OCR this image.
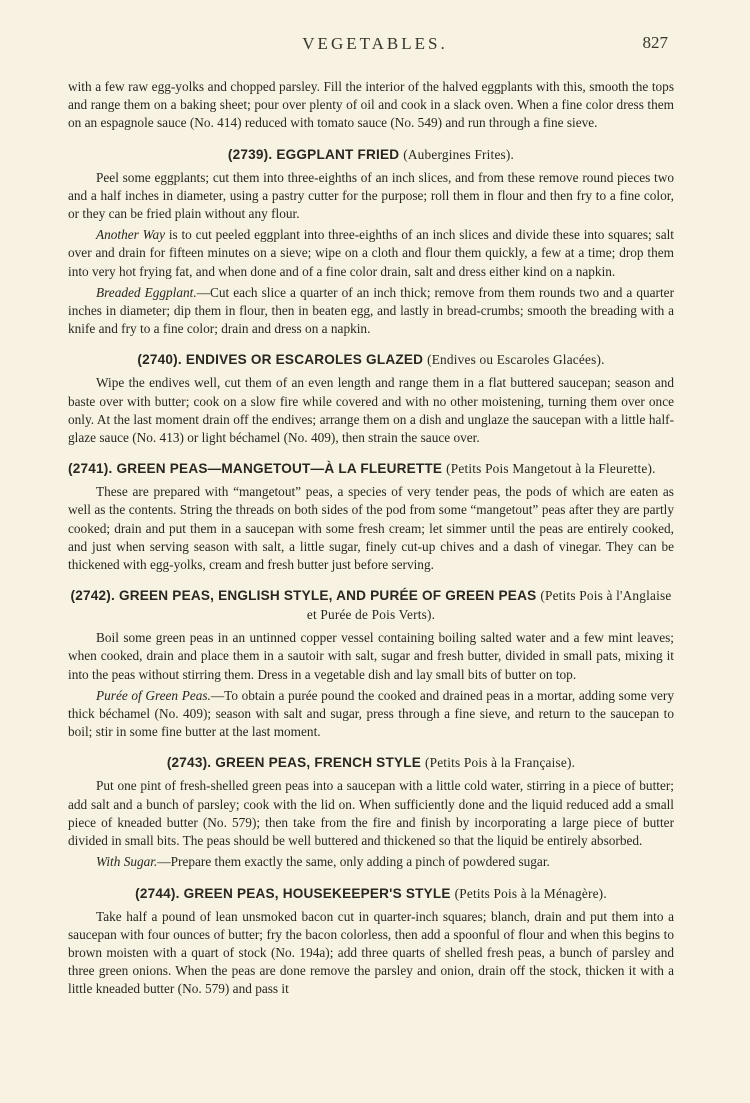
VEGETABLES.	827

with a few raw egg-yolks and chopped parsley. Fill the interior of the halved eggplants with this, smooth the tops and range them on a baking sheet; pour over plenty of oil and cook in a slack oven. When a fine color dress them on an espagnole sauce (No. 414) reduced with tomato sauce (No. 549) and run through a fine sieve.

(2739). EGGPLANT FRIED (Aubergines Frites).

Peel some eggplants; cut them into three-eighths of an inch slices, and from these remove round pieces two and a half inches in diameter, using a pastry cutter for the purpose; roll them in flour and then fry to a fine color, or they can be fried plain without any flour.

Another Way is to cut peeled eggplant into three-eighths of an inch slices and divide these into squares; salt over and drain for fifteen minutes on a sieve; wipe on a cloth and flour them quickly, a few at a time; drop them into very hot frying fat, and when done and of a fine color drain, salt and dress either kind on a napkin.

Breaded Eggplant.—Cut each slice a quarter of an inch thick; remove from them rounds two and a quarter inches in diameter; dip them in flour, then in beaten egg, and lastly in bread-crumbs; smooth the breading with a knife and fry to a fine color; drain and dress on a napkin.

(2740). ENDIVES OR ESCAROLES GLAZED (Endives ou Escaroles Glacées).

Wipe the endives well, cut them of an even length and range them in a flat buttered saucepan; season and baste over with butter; cook on a slow fire while covered and with no other moistening, turning them over once only. At the last moment drain off the endives; arrange them on a dish and unglaze the saucepan with a little half-glaze sauce (No. 413) or light béchamel (No. 409), then strain the sauce over.

(2741). GREEN PEAS—MANGETOUT—À LA FLEURETTE (Petits Pois Mangetout à la Fleurette).

These are prepared with “mangetout” peas, a species of very tender peas, the pods of which are eaten as well as the contents. String the threads on both sides of the pod from some “mangetout” peas after they are partly cooked; drain and put them in a saucepan with some fresh cream; let simmer until the peas are entirely cooked, and just when serving season with salt, a little sugar, finely cut-up chives and a dash of vinegar. They can be thickened with egg-yolks, cream and fresh butter just before serving.

(2742). GREEN PEAS, ENGLISH STYLE, AND PURÉE OF GREEN PEAS (Petits Pois à l'Anglaise
et Purée de Pois Verts).

Boil some green peas in an untinned copper vessel containing boiling salted water and a few mint leaves; when cooked, drain and place them in a sautoir with salt, sugar and fresh butter, divided in small pats, mixing it into the peas without stirring them. Dress in a vegetable dish and lay small bits of butter on top.

Purée of Green Peas.—To obtain a purée pound the cooked and drained peas in a mortar, adding some very thick béchamel (No. 409); season with salt and sugar, press through a fine sieve, and return to the saucepan to boil; stir in some fine butter at the last moment.

(2743). GREEN PEAS, FRENCH STYLE (Petits Pois à la Française).

Put one pint of fresh-shelled green peas into a saucepan with a little cold water, stirring in a piece of butter; add salt and a bunch of parsley; cook with the lid on. When sufficiently done and the liquid reduced add a small piece of kneaded butter (No. 579); then take from the fire and finish by incorporating a large piece of butter divided in small bits. The peas should be well buttered and thickened so that the liquid be entirely absorbed.

With Sugar.—Prepare them exactly the same, only adding a pinch of powdered sugar.

(2744). GREEN PEAS, HOUSEKEEPER'S STYLE (Petits Pois à la Ménagère).

Take half a pound of lean unsmoked bacon cut in quarter-inch squares; blanch, drain and put them into a saucepan with four ounces of butter; fry the bacon colorless, then add a spoonful of flour and when this begins to brown moisten with a quart of stock (No. 194a); add three quarts of shelled fresh peas, a bunch of parsley and three green onions. When the peas are done remove the parsley and onion, drain off the stock, thicken it with a little kneaded butter (No. 579) and pass it
